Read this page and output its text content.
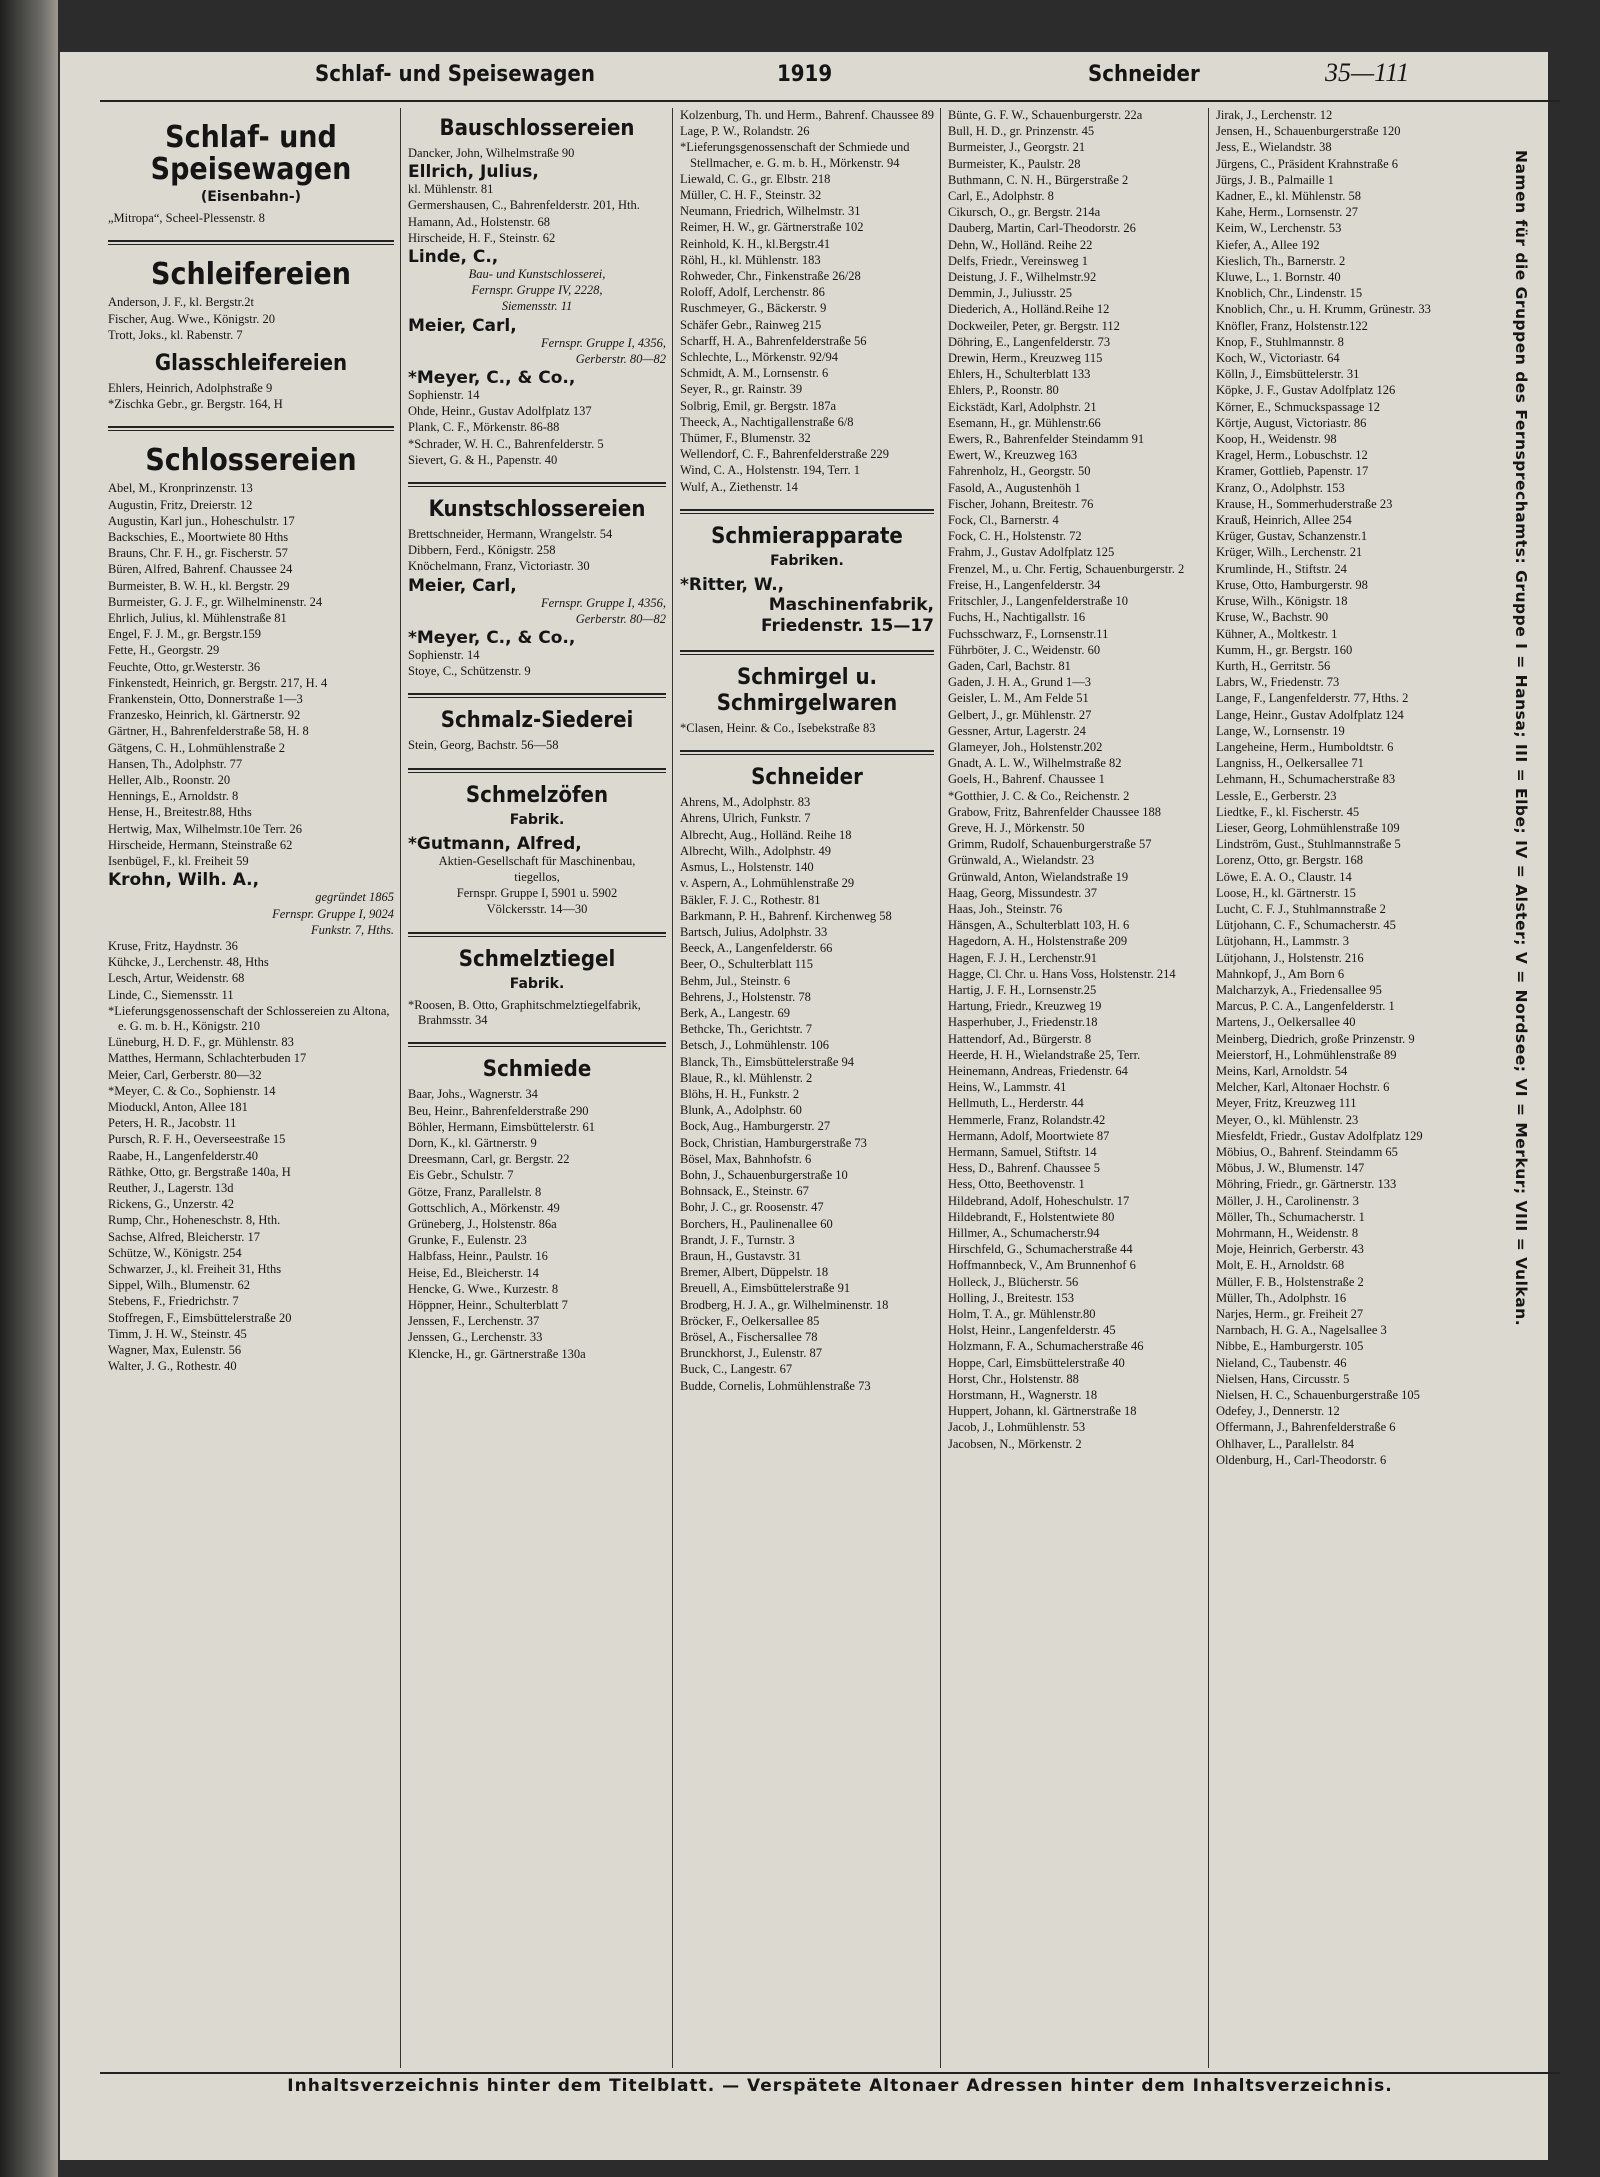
Schlaf- und Speisewagen	1919	Schneider	35—111
Schlaf- und Speisewagen
(Eisenbahn-)
„Mitropa“, Scheel-Plessenstr. 8
Schleifereien
Anderson, J. F., kl. Bergstr.2t
Fischer, Aug. Wwe., Königstr. 20
Trott, Joks., kl. Rabenstr. 7
Glasschleifereien
Ehlers, Heinrich, Adolphstraße 9
*Zischka Gebr., gr. Bergstr. 164, H
Schlossereien
Abel, M., Kronprinzenstr. 13
Augustin, Fritz, Dreierstr. 12
Augustin, Karl jun., Hoheschulstr. 17
Backschies, E., Moortwiete 80 Hths
Brauns, Chr. F. H., gr. Fischerstr. 57
Büren, Alfred, Bahrenf. Chaussee 24
Burmeister, B. W. H., kl. Bergstr. 29
Burmeister, G. J. F., gr. Wilhelminenstr. 24
Ehrlich, Julius, kl. Mühlenstraße 81
Engel, F. J. M., gr. Bergstr.159
Fette, H., Georgstr. 29
Feuchte, Otto, gr.Westerstr. 36
Finkenstedt, Heinrich, gr. Bergstr. 217, H. 4
Frankenstein, Otto, Donnerstraße 1—3
Franzesko, Heinrich, kl. Gärtnerstr. 92
Gärtner, H., Bahrenfelderstraße 58, H. 8
Gätgens, C. H., Lohmühlenstraße 2
Hansen, Th., Adolphstr. 77
Heller, Alb., Roonstr. 20
Hennings, E., Arnoldstr. 8
Hense, H., Breitestr.88, Hths
Hertwig, Max, Wilhelmstr.10e Terr. 26
Hirscheide, Hermann, Steinstraße 62
Isenbügel, F., kl. Freiheit 59
Krohn, Wilh. A.,
gegründet 1865
Fernspr. Gruppe I, 9024
Funkstr. 7, Hths.
Kruse, Fritz, Haydnstr. 36
Kühcke, J., Lerchenstr. 48, Hths
Lesch, Artur, Weidenstr. 68
Linde, C., Siemensstr. 11
*Lieferungsgenossenschaft der Schlossereien zu Altona, e. G. m. b. H., Königstr. 210
Lüneburg, H. D. F., gr. Mühlenstr. 83
Matthes, Hermann, Schlachterbuden 17
Meier, Carl, Gerberstr. 80—32
*Meyer, C. & Co., Sophienstr. 14
Mioduckl, Anton, Allee 181
Peters, H. R., Jacobstr. 11
Pursch, R. F. H., Oeverseestraße 15
Raabe, H., Langenfelderstr.40
Räthke, Otto, gr. Bergstraße 140a, H
Reuther, J., Lagerstr. 13d
Rickens, G., Unzerstr. 42
Rump, Chr., Hoheneschstr. 8, Hth.
Sachse, Alfred, Bleicherstr. 17
Schütze, W., Königstr. 254
Schwarzer, J., kl. Freiheit 31, Hths
Sippel, Wilh., Blumenstr. 62
Stebens, F., Friedrichstr. 7
Stoffregen, F., Eimsbüttelerstraße 20
Timm, J. H. W., Steinstr. 45
Wagner, Max, Eulenstr. 56
Walter, J. G., Rothestr. 40
Bauschlossereien
Dancker, John, Wilhelmstraße 90
Ellrich, Julius,
kl. Mühlenstr. 81
Germershausen, C., Bahrenfelderstr. 201, Hth.
Hamann, Ad., Holstenstr. 68
Hirscheide, H. F., Steinstr. 62
Linde, C.,
Bau- und Kunstschlosserei,
Fernspr. Gruppe IV, 2228,
Siemensstr. 11
Meier, Carl,
Fernspr. Gruppe I, 4356,
Gerberstr. 80—82
*Meyer, C., & Co.,
Sophienstr. 14
Ohde, Heinr., Gustav Adolfplatz 137
Plank, C. F., Mörkenstr. 86-88
*Schrader, W. H. C., Bahrenfelderstr. 5
Sievert, G. & H., Papenstr. 40
Kunstschlossereien
Brettschneider, Hermann, Wrangelstr. 54
Dibbern, Ferd., Königstr. 258
Knöchelmann, Franz, Victoriastr. 30
Meier, Carl,
Fernspr. Gruppe I, 4356,
Gerberstr. 80—82
*Meyer, C., & Co.,
Sophienstr. 14
Stoye, C., Schützenstr. 9
Schmalz-Siederei
Stein, Georg, Bachstr. 56—58
Schmelzöfen
Fabrik.
*Gutmann, Alfred,
Aktien-Gesellschaft für Maschinenbau,
tiegellos,
Fernspr. Gruppe I, 5901 u. 5902
Völckersstr. 14—30
Schmelztiegel
Fabrik.
*Roosen, B. Otto, Graphitschmelztiegelfabrik, Brahmsstr. 34
Schmiede
Baar, Johs., Wagnerstr. 34
Beu, Heinr., Bahrenfelderstraße 290
Böhler, Hermann, Eimsbüttelerstr. 61
Dorn, K., kl. Gärtnerstr. 9
Dreesmann, Carl, gr. Bergstr. 22
Eis Gebr., Schulstr. 7
Götze, Franz, Parallelstr. 8
Gottschlich, A., Mörkenstr. 49
Grüneberg, J., Holstenstr. 86a
Grunke, F., Eulenstr. 23
Halbfass, Heinr., Paulstr. 16
Heise, Ed., Bleicherstr. 14
Hencke, G. Wwe., Kurzestr. 8
Höppner, Heinr., Schulterblatt 7
Jenssen, F., Lerchenstr. 37
Jenssen, G., Lerchenstr. 33
Klencke, H., gr. Gärtnerstraße 130a
Kolzenburg, Th. und Herm., Bahrenf. Chaussee 89
Lage, P. W., Rolandstr. 26
*Lieferungsgenossenschaft der Schmiede und Stellmacher, e. G. m. b. H., Mörkenstr. 94
Liewald, C. G., gr. Elbstr. 218
Müller, C. H. F., Steinstr. 32
Neumann, Friedrich, Wilhelmstr. 31
Reimer, H. W., gr. Gärtnerstraße 102
Reinhold, K. H., kl.Bergstr.41
Röhl, H., kl. Mühlenstr. 183
Rohweder, Chr., Finkenstraße 26/28
Roloff, Adolf, Lerchenstr. 86
Ruschmeyer, G., Bäckerstr. 9
Schäfer Gebr., Rainweg 215
Scharff, H. A., Bahrenfelderstraße 56
Schlechte, L., Mörkenstr. 92/94
Schmidt, A. M., Lornsenstr. 6
Seyer, R., gr. Rainstr. 39
Solbrig, Emil, gr. Bergstr. 187a
Theeck, A., Nachtigallenstraße 6/8
Thümer, F., Blumenstr. 32
Wellendorf, C. F., Bahrenfelderstraße 229
Wind, C. A., Holstenstr. 194, Terr. 1
Wulf, A., Ziethenstr. 14
Schmierapparate
Fabriken.
*Ritter, W.,
Maschinenfabrik,
Friedenstr. 15—17
Schmirgel u. Schmirgelwaren
*Clasen, Heinr. & Co., Isebekstraße 83
Schneider
Ahrens, M., Adolphstr. 83
Ahrens, Ulrich, Funkstr. 7
Albrecht, Aug., Holländ. Reihe 18
Albrecht, Wilh., Adolphstr. 49
Asmus, L., Holstenstr. 140
v. Aspern, A., Lohmühlenstraße 29
Bäkler, F. J. C., Rothestr. 81
Barkmann, P. H., Bahrenf. Kirchenweg 58
Bartsch, Julius, Adolphstr. 33
Beeck, A., Langenfelderstr. 66
Beer, O., Schulterblatt 115
Behm, Jul., Steinstr. 6
Behrens, J., Holstenstr. 78
Berk, A., Langestr. 69
Bethcke, Th., Gerichtstr. 7
Betsch, J., Lohmühlenstr. 106
Blanck, Th., Eimsbüttelerstraße 94
Blaue, R., kl. Mühlenstr. 2
Blöhs, H. H., Funkstr. 2
Blunk, A., Adolphstr. 60
Bock, Aug., Hamburgerstr. 27
Bock, Christian, Hamburgerstraße 73
Bösel, Max, Bahnhofstr. 6
Bohn, J., Schauenburgerstraße 10
Bohnsack, E., Steinstr. 67
Bohr, J. C., gr. Roosenstr. 47
Borchers, H., Paulinenallee 60
Brandt, J. F., Turnstr. 3
Braun, H., Gustavstr. 31
Bremer, Albert, Düppelstr. 18
Breuell, A., Eimsbüttelerstraße 91
Brodberg, H. J. A., gr. Wilhelminenstr. 18
Bröcker, F., Oelkersallee 85
Brösel, A., Fischersallee 78
Brunckhorst, J., Eulenstr. 87
Buck, C., Langestr. 67
Budde, Cornelis, Lohmühlenstraße 73
Bünte, G. F. W., Schauenburgerstr. 22a
Bull, H. D., gr. Prinzenstr. 45
Burmeister, J., Georgstr. 21
Burmeister, K., Paulstr. 28
Buthmann, C. N. H., Bürgerstraße 2
Carl, E., Adolphstr. 8
Cikursch, O., gr. Bergstr. 214a
Dauberg, Martin, Carl-Theodorstr. 26
Dehn, W., Holländ. Reihe 22
Delfs, Friedr., Vereinsweg 1
Deistung, J. F., Wilhelmstr.92
Demmin, J., Juliusstr. 25
Diederich, A., Holländ.Reihe 12
Dockweiler, Peter, gr. Bergstr. 112
Döhring, E., Langenfelderstr. 73
Drewin, Herm., Kreuzweg 115
Ehlers, H., Schulterblatt 133
Ehlers, P., Roonstr. 80
Eickstädt, Karl, Adolphstr. 21
Esemann, H., gr. Mühlenstr.66
Ewers, R., Bahrenfelder Steindamm 91
Ewert, W., Kreuzweg 163
Fahrenholz, H., Georgstr. 50
Fasold, A., Augustenhöh 1
Fischer, Johann, Breitestr. 76
Fock, Cl., Barnerstr. 4
Fock, C. H., Holstenstr. 72
Frahm, J., Gustav Adolfplatz 125
Frenzel, M., u. Chr. Fertig, Schauenburgerstr. 2
Freise, H., Langenfelderstr. 34
Fritschler, J., Langenfelderstraße 10
Fuchs, H., Nachtigallstr. 16
Fuchsschwarz, F., Lornsenstr.11
Führböter, J. C., Weidenstr. 60
Gaden, Carl, Bachstr. 81
Gaden, J. H. A., Grund 1—3
Geisler, L. M., Am Felde 51
Gelbert, J., gr. Mühlenstr. 27
Gessner, Artur, Lagerstr. 24
Glameyer, Joh., Holstenstr.202
Gnadt, A. L. W., Wilhelmstraße 82
Goels, H., Bahrenf. Chaussee 1
*Gotthier, J. C. & Co., Reichenstr. 2
Grabow, Fritz, Bahrenfelder Chaussee 188
Greve, H. J., Mörkenstr. 50
Grimm, Rudolf, Schauenburgerstraße 57
Grünwald, A., Wielandstr. 23
Grünwald, Anton, Wielandstraße 19
Haag, Georg, Missundestr. 37
Haas, Joh., Steinstr. 76
Hänsgen, A., Schulterblatt 103, H. 6
Hagedorn, A. H., Holstenstraße 209
Hagen, F. J. H., Lerchenstr.91
Hagge, Cl. Chr. u. Hans Voss, Holstenstr. 214
Hartig, J. F. H., Lornsenstr.25
Hartung, Friedr., Kreuzweg 19
Hasperhuber, J., Friedenstr.18
Hattendorf, Ad., Bürgerstr. 8
Heerde, H. H., Wielandstraße 25, Terr.
Heinemann, Andreas, Friedenstr. 64
Heins, W., Lammstr. 41
Hellmuth, L., Herderstr. 44
Hemmerle, Franz, Rolandstr.42
Hermann, Adolf, Moortwiete 87
Hermann, Samuel, Stiftstr. 14
Hess, D., Bahrenf. Chaussee 5
Hess, Otto, Beethovenstr. 1
Hildebrand, Adolf, Hoheschulstr. 17
Hildebrandt, F., Holstentwiete 80
Hillmer, A., Schumacherstr.94
Hirschfeld, G., Schumacherstraße 44
Hoffmannbeck, V., Am Brunnenhof 6
Holleck, J., Blücherstr. 56
Holling, J., Breitestr. 153
Holm, T. A., gr. Mühlenstr.80
Holst, Heinr., Langenfelderstr. 45
Holzmann, F. A., Schumacherstraße 46
Hoppe, Carl, Eimsbüttelerstraße 40
Horst, Chr., Holstenstr. 88
Horstmann, H., Wagnerstr. 18
Huppert, Johann, kl. Gärtnerstraße 18
Jacob, J., Lohmühlenstr. 53
Jacobsen, N., Mörkenstr. 2
Jirak, J., Lerchenstr. 12
Jensen, H., Schauenburgerstraße 120
Jess, E., Wielandstr. 38
Jürgens, C., Präsident Krahnstraße 6
Jürgs, J. B., Palmaille 1
Kadner, E., kl. Mühlenstr. 58
Kahe, Herm., Lornsenstr. 27
Keim, W., Lerchenstr. 53
Kiefer, A., Allee 192
Kieslich, Th., Barnerstr. 2
Kluwe, L., 1. Bornstr. 40
Knoblich, Chr., Lindenstr. 15
Knoblich, Chr., u. H. Krumm, Grünestr. 33
Knöfler, Franz, Holstenstr.122
Knop, F., Stuhlmannstr. 8
Koch, W., Victoriastr. 64
Kölln, J., Eimsbüttelerstr. 31
Köpke, J. F., Gustav Adolfplatz 126
Körner, E., Schmuckspassage 12
Körtje, August, Victoriastr. 86
Koop, H., Weidenstr. 98
Kragel, Herm., Lobuschstr. 12
Kramer, Gottlieb, Papenstr. 17
Kranz, O., Adolphstr. 153
Krause, H., Sommerhuderstraße 23
Krauß, Heinrich, Allee 254
Krüger, Gustav, Schanzenstr.1
Krüger, Wilh., Lerchenstr. 21
Krumlinde, H., Stiftstr. 24
Kruse, Otto, Hamburgerstr. 98
Kruse, Wilh., Königstr. 18
Kruse, W., Bachstr. 90
Kühner, A., Moltkestr. 1
Kumm, H., gr. Bergstr. 160
Kurth, H., Gerritstr. 56
Labrs, W., Friedenstr. 73
Lange, F., Langenfelderstr. 77, Hths. 2
Lange, Heinr., Gustav Adolfplatz 124
Lange, W., Lornsenstr. 19
Langeheine, Herm., Humboldtstr. 6
Langniss, H., Oelkersallee 71
Lehmann, H., Schumacherstraße 83
Lessle, E., Gerberstr. 23
Liedtke, F., kl. Fischerstr. 45
Lieser, Georg, Lohmühlenstraße 109
Lindström, Gust., Stuhlmannstraße 5
Lorenz, Otto, gr. Bergstr. 168
Löwe, E. A. O., Claustr. 14
Loose, H., kl. Gärtnerstr. 15
Lucht, C. F. J., Stuhlmannstraße 2
Lütjohann, C. F., Schumacherstr. 45
Lütjohann, H., Lammstr. 3
Lütjohann, J., Holstenstr. 216
Mahnkopf, J., Am Born 6
Malcharzyk, A., Friedensallee 95
Marcus, P. C. A., Langenfelderstr. 1
Martens, J., Oelkersallee 40
Meinberg, Diedrich, große Prinzenstr. 9
Meierstorf, H., Lohmühlenstraße 89
Meins, Karl, Arnoldstr. 54
Melcher, Karl, Altonaer Hochstr. 6
Meyer, Fritz, Kreuzweg 111
Meyer, O., kl. Mühlenstr. 23
Miesfeldt, Friedr., Gustav Adolfplatz 129
Möbius, O., Bahrenf. Steindamm 65
Möbus, J. W., Blumenstr. 147
Möhring, Friedr., gr. Gärtnerstr. 133
Möller, J. H., Carolinenstr. 3
Möller, Th., Schumacherstr. 1
Mohrmann, H., Weidenstr. 8
Moje, Heinrich, Gerberstr. 43
Molt, E. H., Arnoldstr. 68
Müller, F. B., Holstenstraße 2
Müller, Th., Adolphstr. 16
Narjes, Herm., gr. Freiheit 27
Narnbach, H. G. A., Nagelsallee 3
Nibbe, E., Hamburgerstr. 105
Nieland, C., Taubenstr. 46
Nielsen, Hans, Circusstr. 5
Nielsen, H. C., Schauenburgerstraße 105
Odefey, J., Dennerstr. 12
Offermann, J., Bahrenfelderstraße 6
Ohlhaver, L., Parallelstr. 84
Oldenburg, H., Carl-Theodorstr. 6
Namen für die Gruppen des Fernsprechamts: Gruppe I = Hansa; III = Elbe; IV = Alster; V = Nordsee; VI = Merkur; VIII = Vulkan.
Inhaltsverzeichnis hinter dem Titelblatt. — Verspätete Altonaer Adressen hinter dem Inhaltsverzeichnis.
